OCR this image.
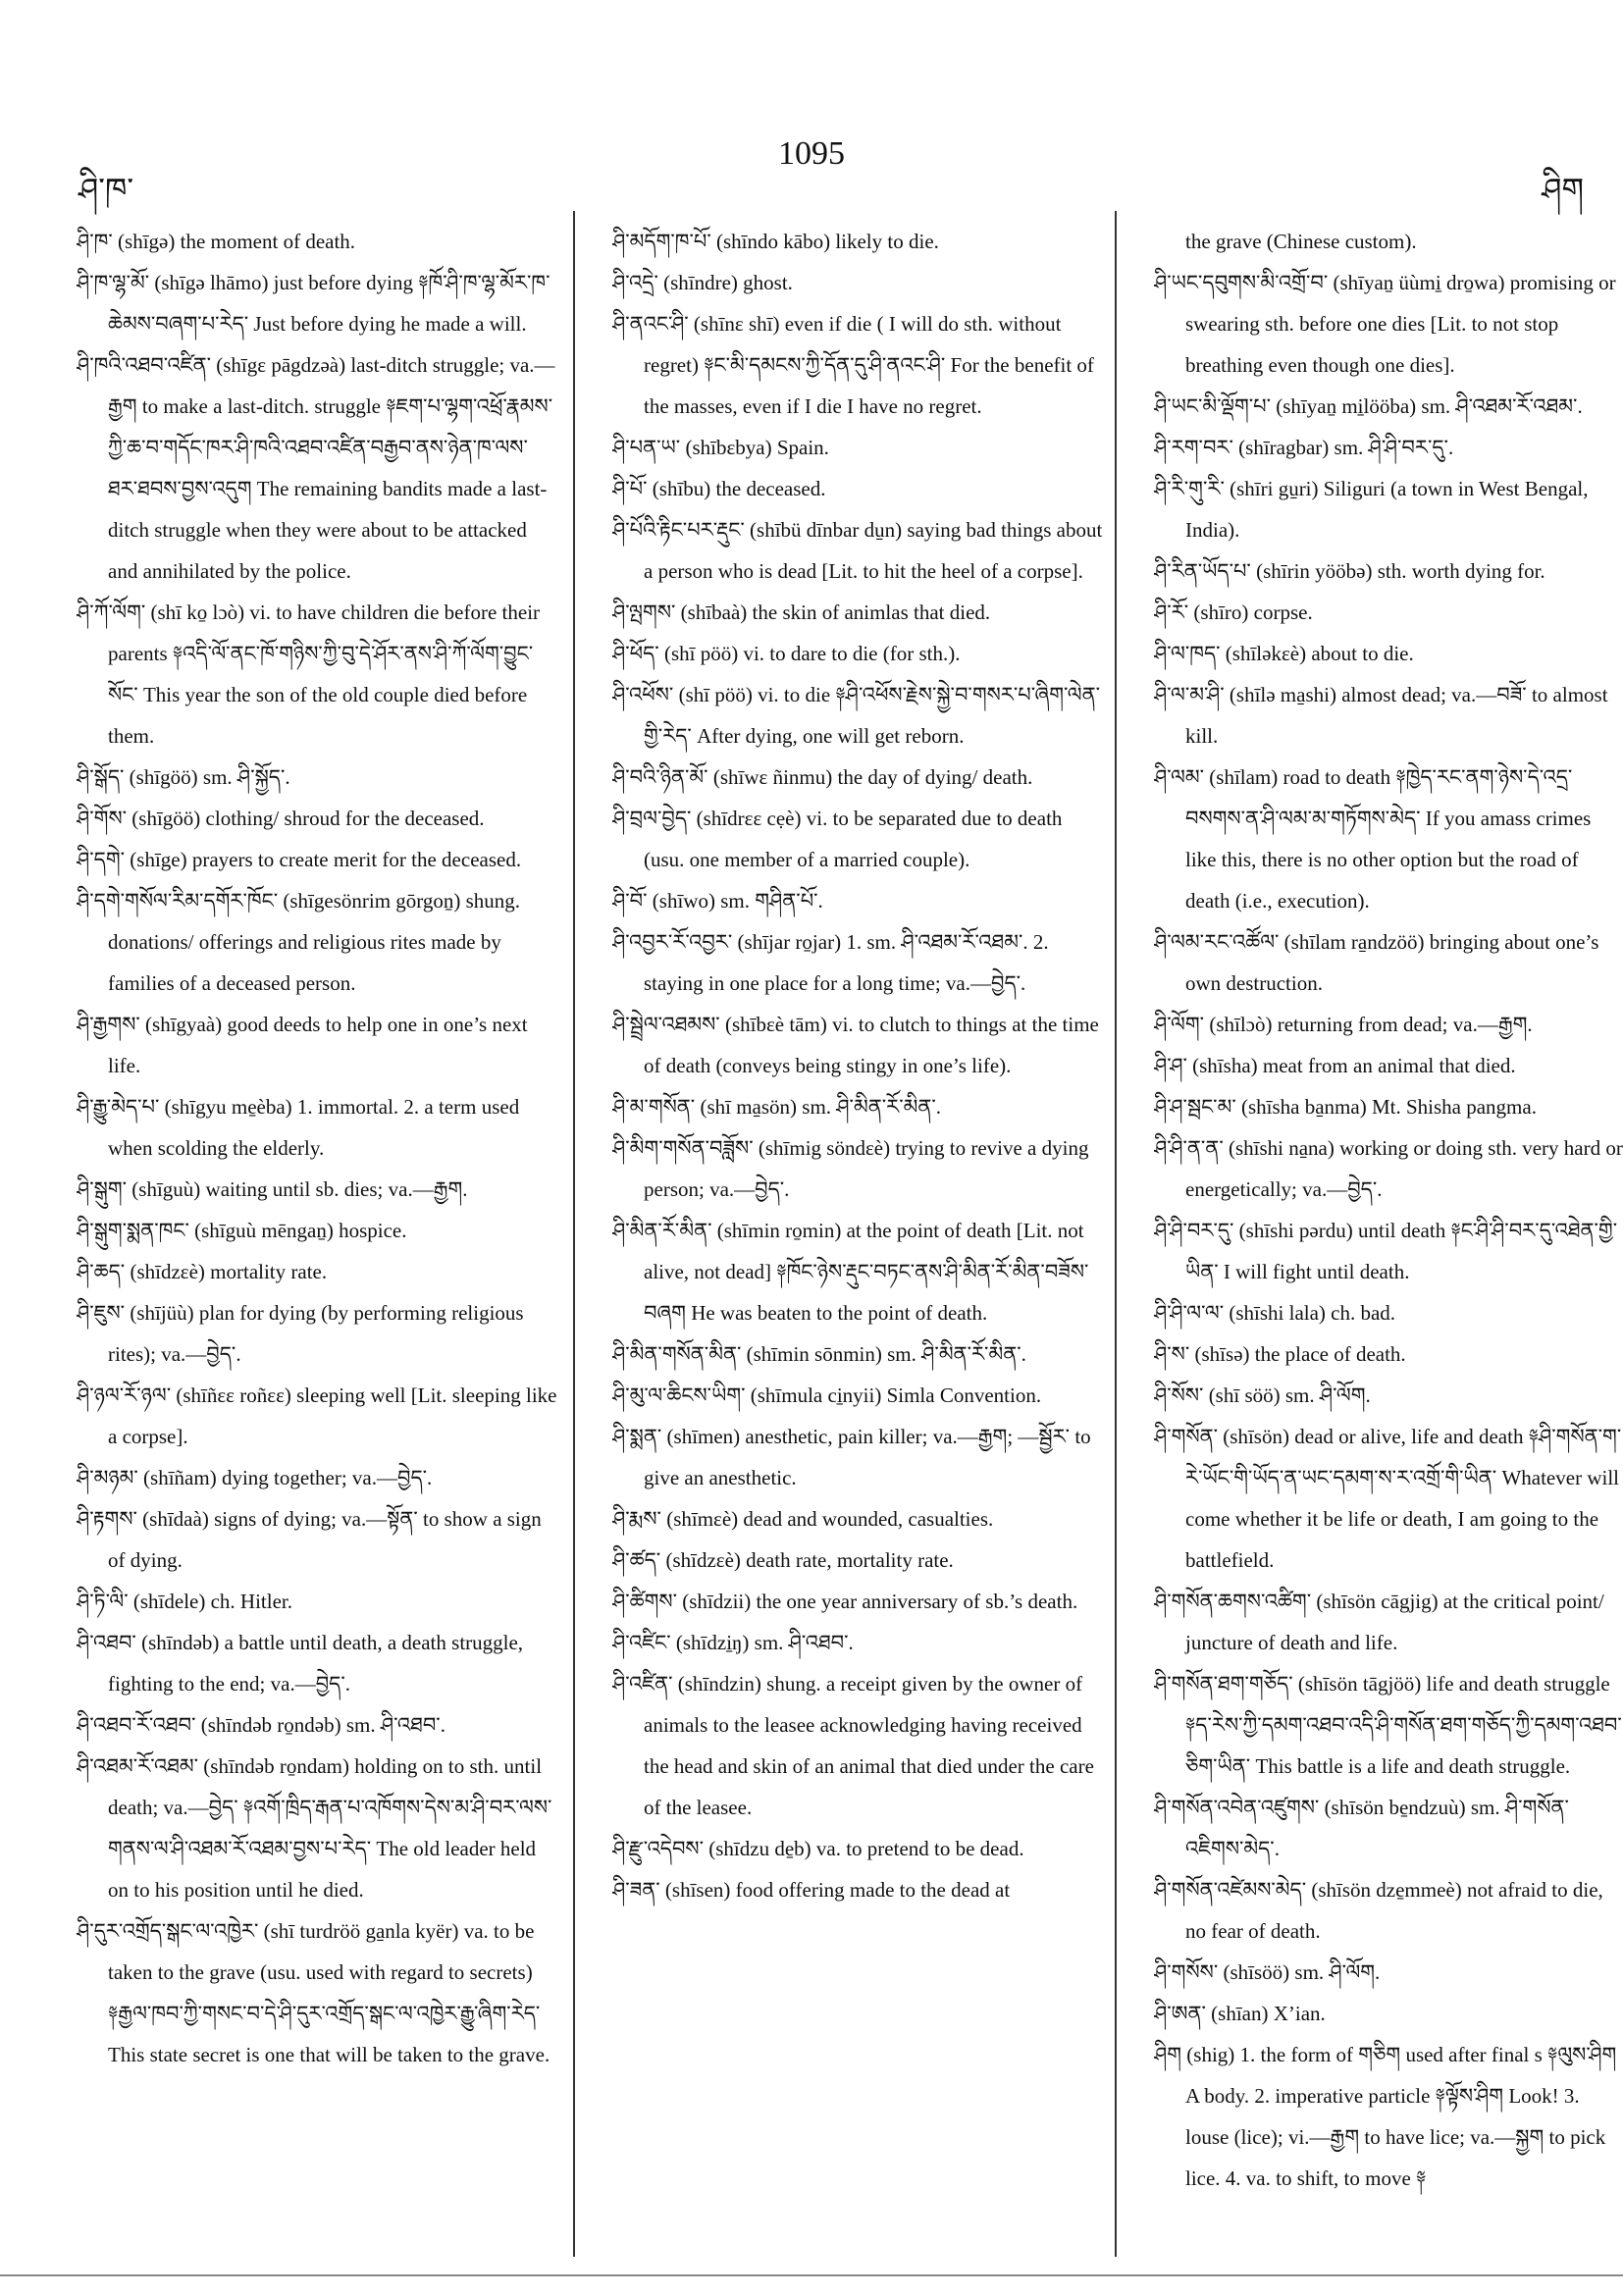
ཤི་ཁ་
1095
ཤིག

ཤི་ཁ་ (shīgə) the moment of death.

ཤི་ཁ་ལྷ་མོ་ (shīgə lhāmo) just before dying ༈ཁོ་ཤི་ཁ་ལྷ་མོར་ཁ་ཆེམས་བཞག་པ་རེད་ Just before dying he made a will.

ཤི་ཁའི་འཐབ་འཛིན་ (shīgɛ pāgdzəà) last-ditch struggle; va.—རྒྱག to make a last-ditch. struggle ༈ཇག་པ་ལྷག་འཕྲོ་རྣམས་ཀྱི་ཆ་བ་གདོང་ཁར་ཤི་ཁའི་འཐབ་འཛིན་བརྒྱབ་ནས་ཉེན་ཁ་ལས་ཐར་ཐབས་བྱས་འདུག The remaining bandits made a last-ditch struggle when they were about to be attacked and annihilated by the police.

ཤི་ཀོ་ལོག་ (shī ko̱ lɔò) vi. to have children die before their parents ༈འདི་ལོ་ནང་ཁོ་གཉིས་ཀྱི་བུ་དེ་ཤོར་ནས་ཤི་ཀོ་ལོག་བྱུང་སོང་ This year the son of the old couple died before them.

ཤི་སྒོད་ (shīgöö) sm. ཤི་སྐྱོད་.

ཤི་གོས་ (shīgöö) clothing/ shroud for the deceased.

ཤི་དགེ་ (shīge) prayers to create merit for the deceased.

ཤི་དགེ་གསོལ་རིམ་དགོར་ཁོང་ (shīgesönrim gōrgoṉ) shung. donations/ offerings and religious rites made by families of a deceased person.

ཤི་རྒྱགས་ (shīgyaà) good deeds to help one in one’s next life.

ཤི་རྒྱུ་མེད་པ་ (shīgyu me̱èba) 1. immortal. 2. a term used when scolding the elderly.

ཤི་སྒུག་ (shīguù) waiting until sb. dies; va.—རྒྱག.

ཤི་སྒུག་སྨན་ཁང་ (shīguù mēngaṉ) hospice.

ཤི་ཆད་ (shīdzɛè) mortality rate.

ཤི་ཇུས་ (shījüù) plan for dying (by performing religious rites); va.—བྱེད་.

ཤི་ཉལ་རོ་ཉལ་ (shīñɛɛ roñɛɛ) sleeping well [Lit. sleeping like a corpse].

ཤི་མཉམ་ (shīñam) dying together; va.—བྱེད་.

ཤི་རྟགས་ (shīdaà) signs of dying; va.—སྟོན་ to show a sign of dying.

ཤི་ཏི་ལི་ (shīdele) ch. Hitler.

ཤི་འཐབ་ (shīndəb) a battle until death, a death struggle, fighting to the end; va.—བྱེད་.

ཤི་འཐབ་རོ་འཐབ་ (shīndəb ro̱ndəb) sm. ཤི་འཐབ་.

ཤི་འཐམ་རོ་འཐམ་ (shīndəb ro̱ndam) holding on to sth. until death; va.—བྱེད་ ༈འགོ་ཁྲིད་རྒན་པ་འཁོགས་དེས་མ་ཤི་བར་ལས་གནས་ལ་ཤི་འཐམ་རོ་འཐམ་བྱས་པ་རེད་ The old leader held on to his position until he died.

ཤི་དུར་འགྲོད་སྒང་ལ་འཁྱེར་ (shī turdröö ga̱nla kyër) va. to be taken to the grave (usu. used with regard to secrets) ༈རྒྱལ་ཁབ་ཀྱི་གསང་བ་དེ་ཤི་དུར་འགྲོད་སྒང་ལ་འཁྱེར་རྒྱུ་ཞིག་རེད་ This state secret is one that will be taken to the grave.

ཤི་མདོག་ཁ་པོ་ (shīndo kābo) likely to die.

ཤི་འདྲེ་ (shīndre) ghost.

ཤི་ནའང་ཤི་ (shīnɛ shī) even if die ( I will do sth. without regret) ༈ང་མི་དམངས་ཀྱི་དོན་དུ་ཤི་ནའང་ཤི་ For the benefit of the masses, even if I die I have no regret.

ཤི་པན་ཡ་ (shībɛbya) Spain.

ཤི་པོ་ (shību) the deceased.

ཤི་པོའི་རྟིང་པར་རྡུང་ (shībü dīnbar du̱n) saying bad things about a person who is dead [Lit. to hit the heel of a corpse].

ཤི་ལྤགས་ (shībaà) the skin of animlas that died.

ཤི་ཕོད་ (shī pöö) vi. to dare to die (for sth.).

ཤི་འཕོས་ (shī pöö) vi. to die ༈ཤི་འཕོས་རྗེས་སྐྱེ་བ་གསར་པ་ཞིག་ལེན་གྱི་རེད་ After dying, one will get reborn.

ཤི་བའི་ཉིན་མོ་ (shīwɛ ñinmu) the day of dying/ death.

ཤི་བྲལ་བྱེད་ (shīdrɛɛ cẹè) vi. to be separated due to death (usu. one member of a married couple).

ཤི་བོ་ (shīwo) sm. གཤིན་པོ་.

ཤི་འབྱར་རོ་འབྱར་ (shījar ro̱jar) 1. sm. ཤི་འཐམ་རོ་འཐམ་. 2. staying in one place for a long time; va.—བྱེད་.

ཤི་སྦྲེལ་འཐམས་ (shībɛè tām) vi. to clutch to things at the time of death (conveys being stingy in one’s life).

ཤི་མ་གསོན་ (shī ma̱sön) sm. ཤི་མིན་རོ་མིན་.

ཤི་མིག་གསོན་བཟློས་ (shīmig söndɛè) trying to revive a dying person; va.—བྱེད་.

ཤི་མིན་རོ་མིན་ (shīmin ro̱min) at the point of death [Lit. not alive, not dead] ༈ཁོང་ཉེས་རྡུང་བཏང་ནས་ཤི་མིན་རོ་མིན་བཟོས་བཞག He was beaten to the point of death.

ཤི་མིན་གསོན་མིན་ (shīmin sōnmin) sm. ཤི་མིན་རོ་མིན་.

ཤི་མུ་ལ་ཆིངས་ཡིག་ (shīmula ci̱nyii) Simla Convention.

ཤི་སྨན་ (shīmen) anesthetic, pain killer; va.—རྒྱག; —སྦྱོར་ to give an anesthetic.

ཤི་རྨས་ (shīmɛè) dead and wounded, casualties.

ཤི་ཚད་ (shīdzɛè) death rate, mortality rate.

ཤི་ཚིགས་ (shīdzii) the one year anniversary of sb.’s death.

ཤི་འཛིང་ (shīdzi̱ŋ) sm. ཤི་འཐབ་.

ཤི་འཛིན་ (shīndzin) shung. a receipt given by the owner of animals to the leasee acknowledging having received the head and skin of an animal that died under the care of the leasee.

ཤི་རྫུ་འདེབས་ (shīdzu de̱b) va. to pretend to be dead.

ཤི་ཟན་ (shīsen) food offering made to the dead at

the grave (Chinese custom).

ཤི་ཡང་དབུགས་མི་འགྲོ་བ་ (shīyaṉ üùmi̱ dro̱wa) promising or swearing sth. before one dies [Lit. to not stop breathing even though one dies].

ཤི་ཡང་མི་ལྡོག་པ་ (shīyaṉ mi̱lööba) sm. ཤི་འཐམ་རོ་འཐམ་.

ཤི་རག་བར་ (shīragbar) sm. ཤི་ཤི་བར་དུ་.

ཤི་རི་གུ་རི་ (shīri gu̱ri) Siliguri (a town in West Bengal, India).

ཤི་རིན་ཡོད་པ་ (shīrin yööbə) sth. worth dying for.

ཤི་རོ་ (shīro) corpse.

ཤི་ལ་ཁད་ (shīləkɛè) about to die.

ཤི་ལ་མ་ཤི་ (shīlə ma̱shi) almost dead; va.—བཟོ་ to almost kill.

ཤི་ལམ་ (shīlam) road to death ༈ཁྱེད་རང་ནག་ཉེས་དེ་འདྲ་བསགས་ན་ཤི་ལམ་མ་གཏོགས་མེད་ If you amass crimes like this, there is no other option but the road of death (i.e., execution).

ཤི་ལམ་རང་འཚོལ་ (shīlam ra̱ndzöö) bringing about one’s own destruction.

ཤི་ལོག་ (shīlɔò) returning from dead; va.—རྒྱག.

ཤི་ཤ་ (shīsha) meat from an animal that died.

ཤི་ཤ་སྦང་མ་ (shīsha ba̱nma) Mt. Shisha pangma.

ཤི་ཤི་ན་ན་ (shīshi na̱na) working or doing sth. very hard or energetically; va.—བྱེད་.

ཤི་ཤི་བར་དུ་ (shīshi pərdu) until death ༈ང་ཤི་ཤི་བར་དུ་འཐེན་གྱི་ཡིན་ I will fight until death.

ཤི་ཤི་ལ་ལ་ (shīshi lala) ch. bad.

ཤི་ས་ (shīsə) the place of death.

ཤི་སོས་ (shī söö) sm. ཤི་ལོག.

ཤི་གསོན་ (shīsön) dead or alive, life and death ༈ཤི་གསོན་ག་རེ་ཡོང་གི་ཡོད་ན་ཡང་དམག་ས་ར་འགྲོ་གི་ཡིན་ Whatever will come whether it be life or death, I am going to the battlefield.

ཤི་གསོན་ཆགས་འཚིག་ (shīsön cāgjig) at the critical point/ juncture of death and life.

ཤི་གསོན་ཐག་གཅོད་ (shīsön tāgjöö) life and death struggle ༈ད་རེས་ཀྱི་དམག་འཐབ་འདི་ཤི་གསོན་ཐག་གཅོད་ཀྱི་དམག་འཐབ་ཅིག་ཡིན་ This battle is a life and death struggle.

ཤི་གསོན་འབེན་འཛུགས་ (shīsön be̱ndzuù) sm. ཤི་གསོན་འཇིགས་མེད་.

ཤི་གསོན་འཛེམས་མེད་ (shīsön dze̱mmeè) not afraid to die, no fear of death.

ཤི་གསོས་ (shīsöö) sm. ཤི་ལོག.

ཤི་ཨན་ (shīan) X’ian.

ཤིག (shig) 1. the form of གཅིག used after final s ༈ལུས་ཤིག A body. 2. imperative particle ༈ལྟོས་ཤིག Look! 3. louse (lice); vi.—རྒྱག to have lice; va.—སྐྱག to pick lice. 4. va. to shift, to move ༈
